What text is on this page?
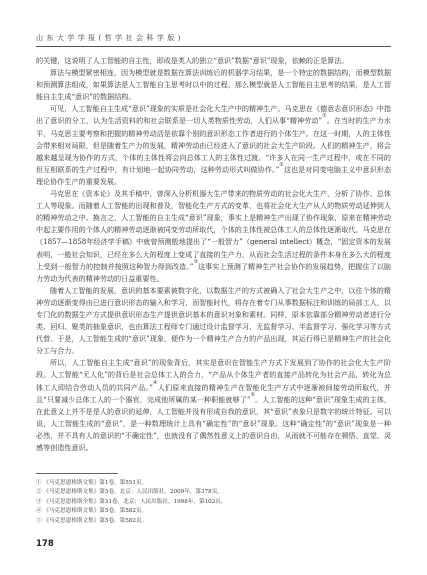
山 东 大 学 学 报 ( 哲 学 社 会 科 学 版 )

的关键，这说明了人工智能的自主性，即成是类人的独立“意识”数据“意识”现象，依赖的正是算法。

算法与模型紧密相连，因为模型就是数据在算法训练后的机器学习结果，是一个特定的数据结构，而模型数据和预测算法组成，如果算法是人工智能自主思考时以中的过程，那么模型就是人工智能自主思考的结果，是人工智能自主生成“意识”的数据结构。

可见，人工智能自主生成“意识”现象的实质是社会化大生产中的精神生产。马克思在《德意志意识形态》中指出了意识的分工，认为生活资料的和社会联系是一切人类物质性劳动，人们从事“精神劳动”①。在当时的生产力水平，马克思主要考察和把握的精神劳动活是依靠个别的意识形态工作者进行的个体生产。在这一时期，人的主体性会带来相对局限，但是随着生产力的发展，精神劳动由已经进入了意识的社会大生产阶段。人们的精神生产，将会越来越呈现为协作的方式，个体的主体性将会向总体工人的主体性过渡。“许多人在同一生产过程中，或在不同的但互相联系的生产过程中，有计划地一起协同劳动，这种劳动形式叫做协作。”②这也是对同变电脑主义中意识形态理论协作生产的重要发展。

马克思在《资本论》及其手稿中，曾深入分析机器大生产带来的物质劳动的社会化大生产，分析了协作、总体工人等现象。而随着人工智能的出现和普及，智能化生产方式的变革，也将社会化大生产从人的物质劳动延伸到人的精神劳动之中。换言之，人工智能的自主生成“意识”现象，事实上是精神生产出现了协作现象，原来在精神劳动中起主要作用的个体人的精神劳动逐渐被同变劳动所取代，个体的主体性被总体工人的总体性逐渐取代。马克思在《1857—1858年经济学手稿》中就曾预测般地提出了“一般智力”（general intellect）概念，“固定资本的发展表明，一般社会知识，已经在多么大的程度上变成了直接的生产力，从而社会生活过程的条件本身在多么大的程度上受到一般智力的控制并按照这种智力得到改造。”③这事实上预测了精神生产社会协作的发展趋势，把握住了以脑力劳动为代表的精神劳动的日益重要性。

随着人工智能的发展，意识的基本要素被数字化，以数据生产的方式被确入了社会大生产之中，以往个体的精神劳动逐渐变得由已进行意识形态的输入和学习，而智能时代，将存在着专门从事数据标注和训练的局部工人，以专门化的数据生产方式提供意识形态生产提供意识基本的意识对象和素材。同样，原本依靠部分精神劳动者进行分类、回归、聚类的抽象意识，也由算法工程师专门通过设计监督学习、无监督学习、半监督学习、强化学习等方式代替。于是，人工智能生成的“意识”现象，便作为一个精神生产合力的产品出现，其运行得已是精神生产的社会化分工与合力。

所以，人工智能自主生成“意识”的现象背后，其实是意识在智能生产方式下发展到了协作的社会化大生产阶段。人工智能“无人化”的背后是社会总体工人的合力，“产品从个体生产者的直接产品转化为社会产品，转化为总体工人即结合劳动人员的共同产品。”④人们原来直接的精神生产在智能化生产方式中逐渐被间接劳动所取代，并且“只要减少总体工人的一个器官，完成他所属的某一种职能就够了”⑤。人工智能的这种“意识”现象生成的主体，在此意义上并不是是人的意识的延伸，人工智能并没有形成自我的意识，其“意识”表象只是数字的统计特征。可以说，人工智能生成的“意识”，是一种数理统计上具有“确定性”的“意识”现象。这种“确定性”的“意识”现象是一种必然，并不具有人的意识的“不确定性”，也就没有了偶然性意义上的意识自由，从而就不可能存在顿悟、直觉、灵感等创造性意识。

① 《马克思恩格斯文集》第1卷，第551页。
② 《马克思恩格斯文集》第5卷，北京：人民出版社，2009年，第378页。
③ 《马克思恩格斯全集》第31卷，北京：人民出版社，1998年，第102页。
④ 《马克思恩格斯文集》第5卷，第582页。
⑤ 《马克思恩格斯文集》第5卷，第582页。
178
